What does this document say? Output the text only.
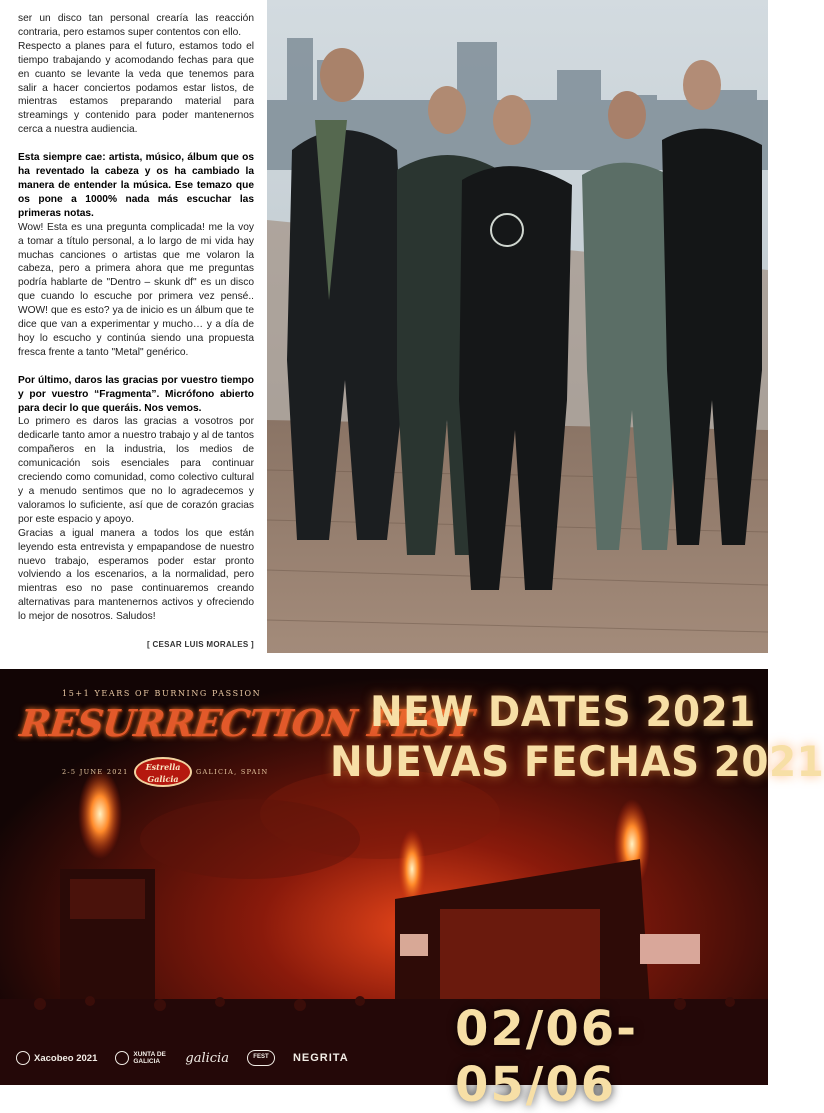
ser un disco tan personal crearía las reacción contraria, pero estamos super contentos con ello.

Respecto a planes para el futuro, estamos todo el tiempo trabajando y acomodando fechas para que en cuanto se levante la veda que tenemos para salir a hacer conciertos podamos estar listos, de mientras estamos preparando material para streamings y contenido para poder mantenernos cerca a nuestra audiencia.

Esta siempre cae: artista, músico, álbum que os ha reventado la cabeza y os ha cambiado la manera de entender la música. Ese temazo que os pone a 1000% nada más escuchar las primeras notas.

Wow! Esta es una pregunta complicada! me la voy a tomar a título personal, a lo largo de mi vida hay muchas canciones o artistas que me volaron la cabeza, pero a primera ahora que me preguntas podría hablarte de "Dentro – skunk df" es un disco que cuando lo escuche por primera vez pensé.. WOW! que es esto? ya de inicio es un álbum que te dice que van a experimentar y mucho… y a día de hoy lo escucho y continúa siendo una propuesta fresca frente a tanto "Metal" genérico.

Por último, daros las gracias por vuestro tiempo y por vuestro “Fragmenta”. Micrófono abierto para decir lo que queráis. Nos vemos.

Lo primero es daros las gracias a vosotros por dedicarle tanto amor a nuestro trabajo y al de tantos compañeros en la industria, los medios de comunicación sois esenciales para continuar creciendo como comunidad, como colectivo cultural y a menudo sentimos que no lo agradecemos y valoramos lo suficiente, así que de corazón gracias por este espacio y apoyo.

Gracias a igual manera a todos los que están leyendo esta entrevista y empapandose de nuestro nuevo trabajo, esperamos poder estar pronto volviendo a los escenarios, a la normalidad, pero mientras eso no pase continuaremos creando alternativas para mantenernos activos y ofreciendo lo mejor de nosotros. Saludos!

[ CESAR LUIS MORALES ]
15+1 YEARS OF BURNING PASSION
RESURRECTION FEST
Estrella
Galicia
2-5 JUNE 2021	GALICIA, SPAIN
NEW DATES 2021
NUEVAS FECHAS 2021
02/06-05/06
Xacobeo 2021	XUNTA DE GALICIA	galicia	FEST	NEGRITA
